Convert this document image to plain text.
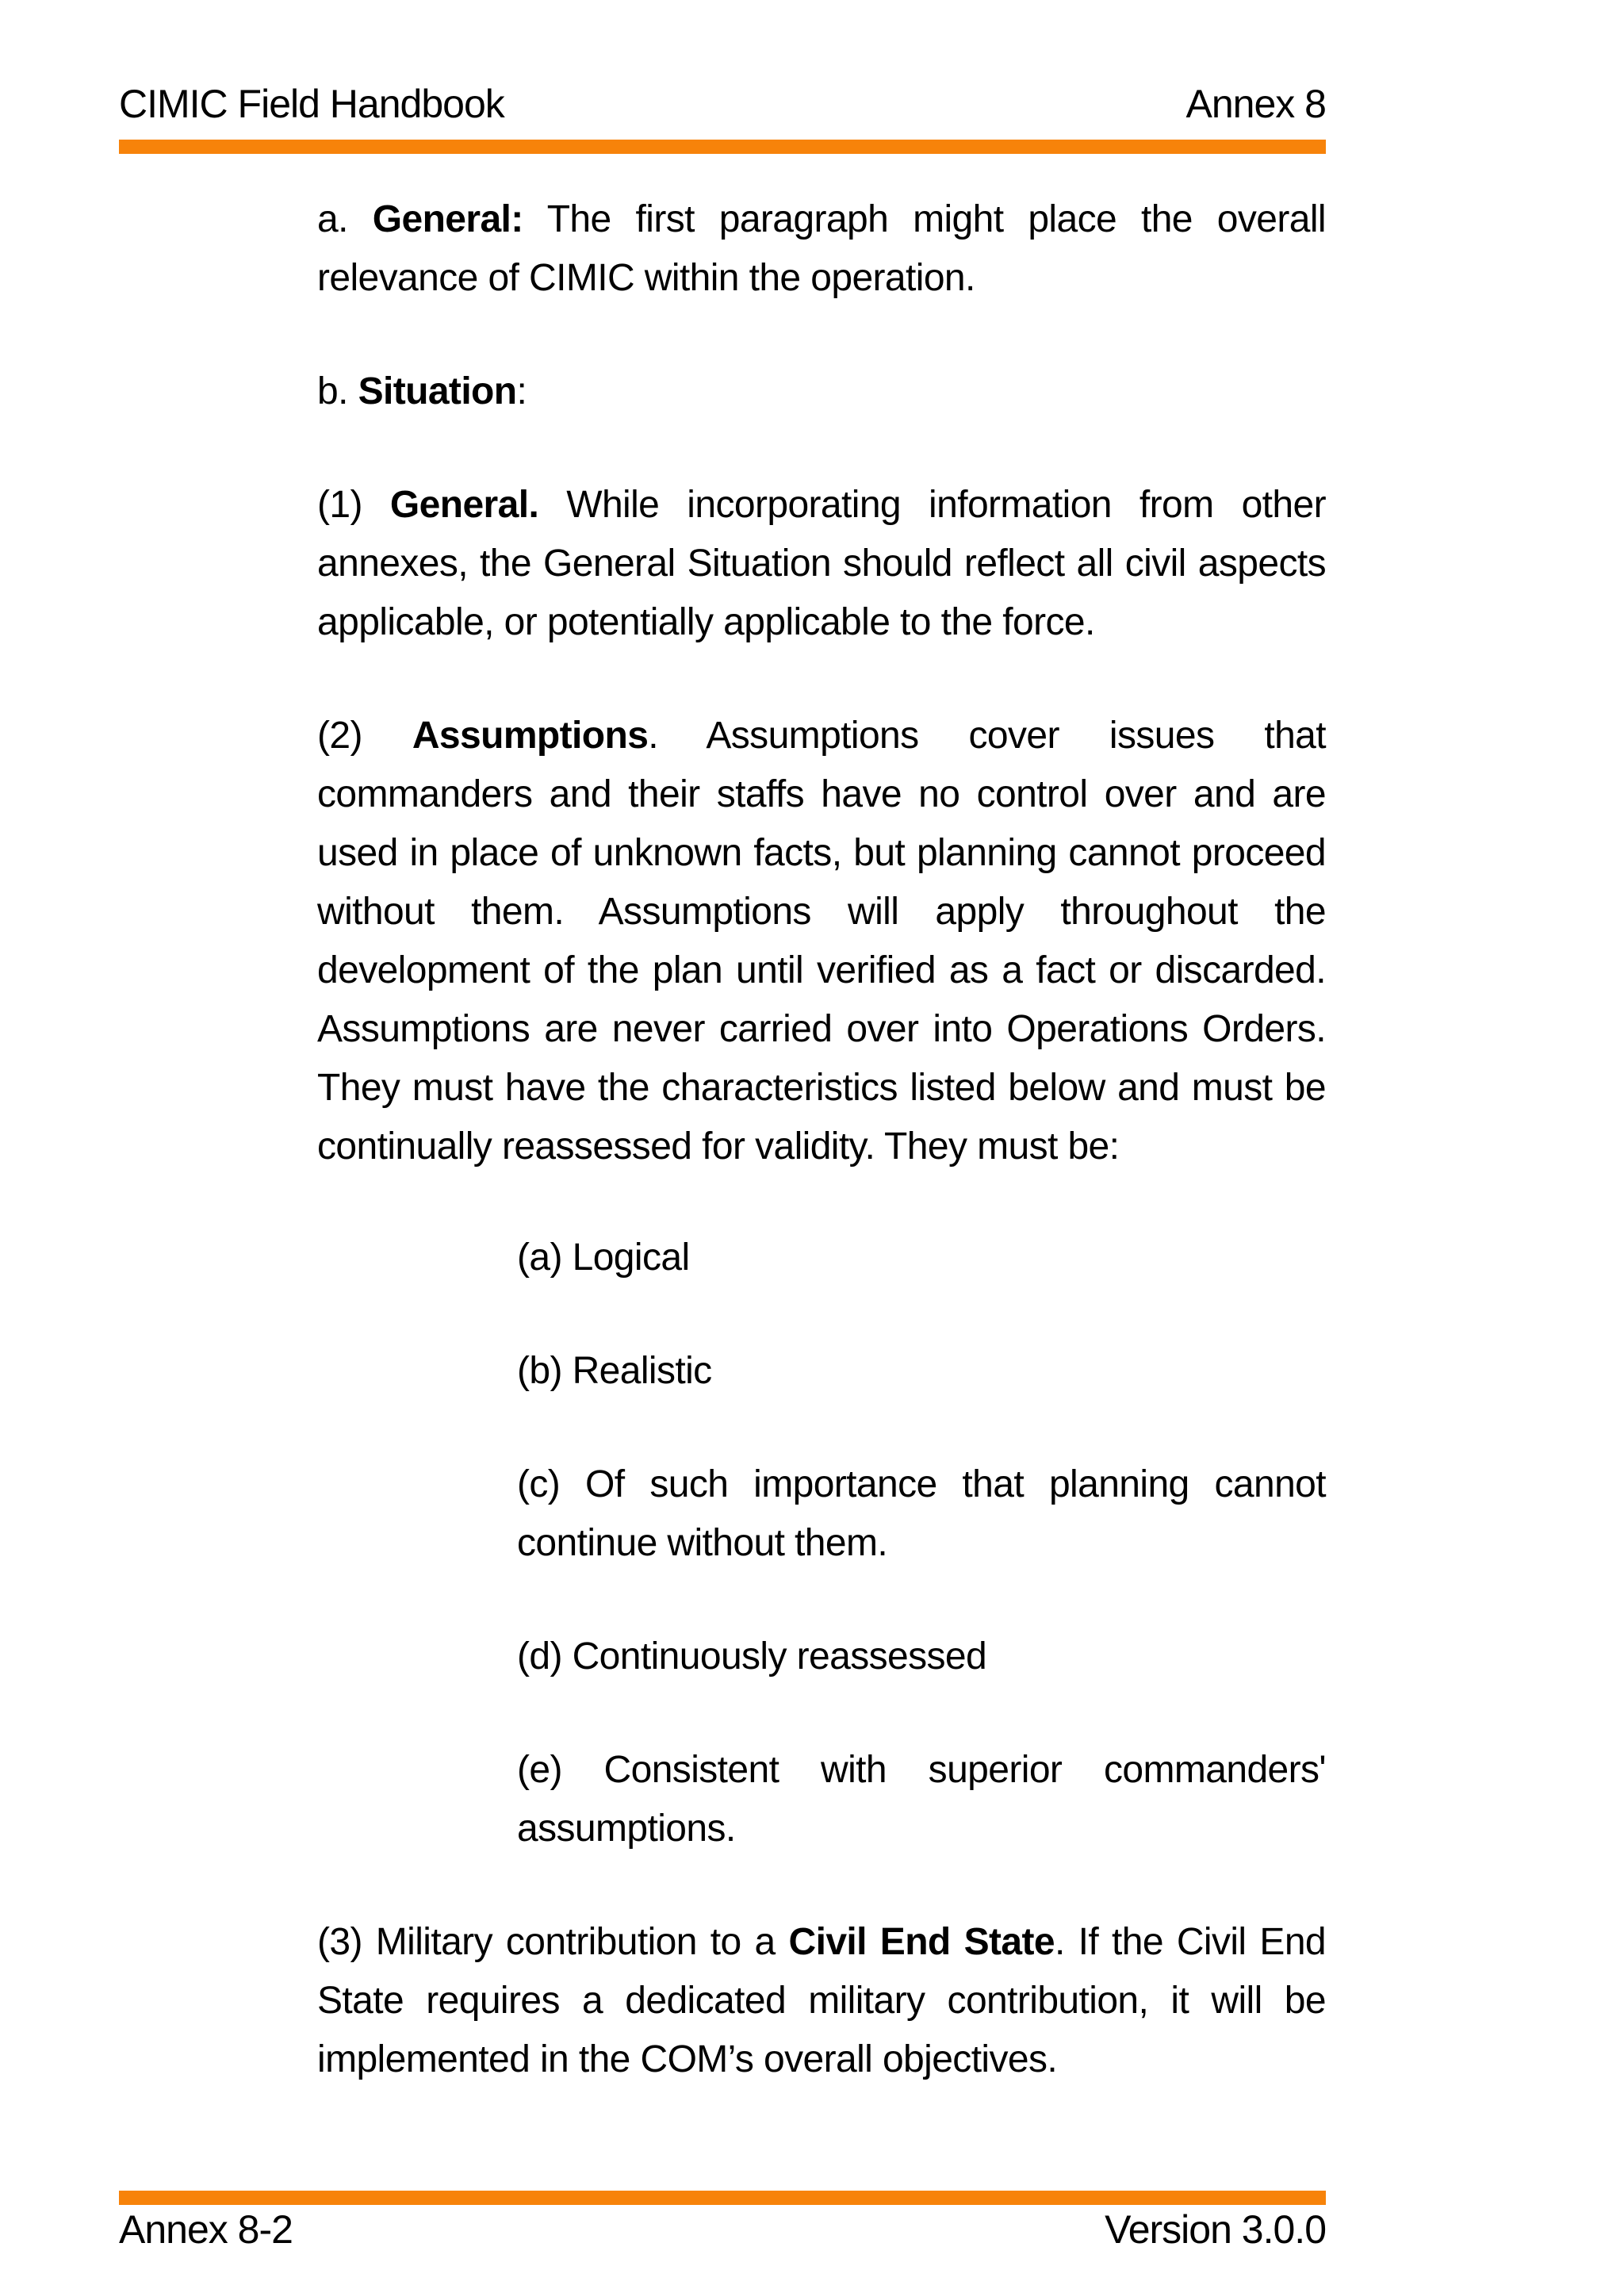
CIMIC Field Handbook	Annex 8
a. General: The first paragraph might place the overall relevance of CIMIC within the operation.
b. Situation:
(1) General. While incorporating information from other annexes, the General Situation should reflect all civil aspects applicable, or potentially applicable to the force.
(2) Assumptions. Assumptions cover issues that commanders and their staffs have no control over and are used in place of unknown facts, but planning cannot proceed without them. Assumptions will apply throughout the development of the plan until verified as a fact or discarded. Assumptions are never carried over into Operations Orders. They must have the characteristics listed below and must be continually reassessed for validity. They must be:
(a) Logical
(b) Realistic
(c) Of such importance that planning cannot continue without them.
(d) Continuously reassessed
(e) Consistent with superior commanders' assumptions.
(3) Military contribution to a Civil End State. If the Civil End State requires a dedicated military contribution, it will be implemented in the COM’s overall objectives.
Annex 8-2	Version 3.0.0
